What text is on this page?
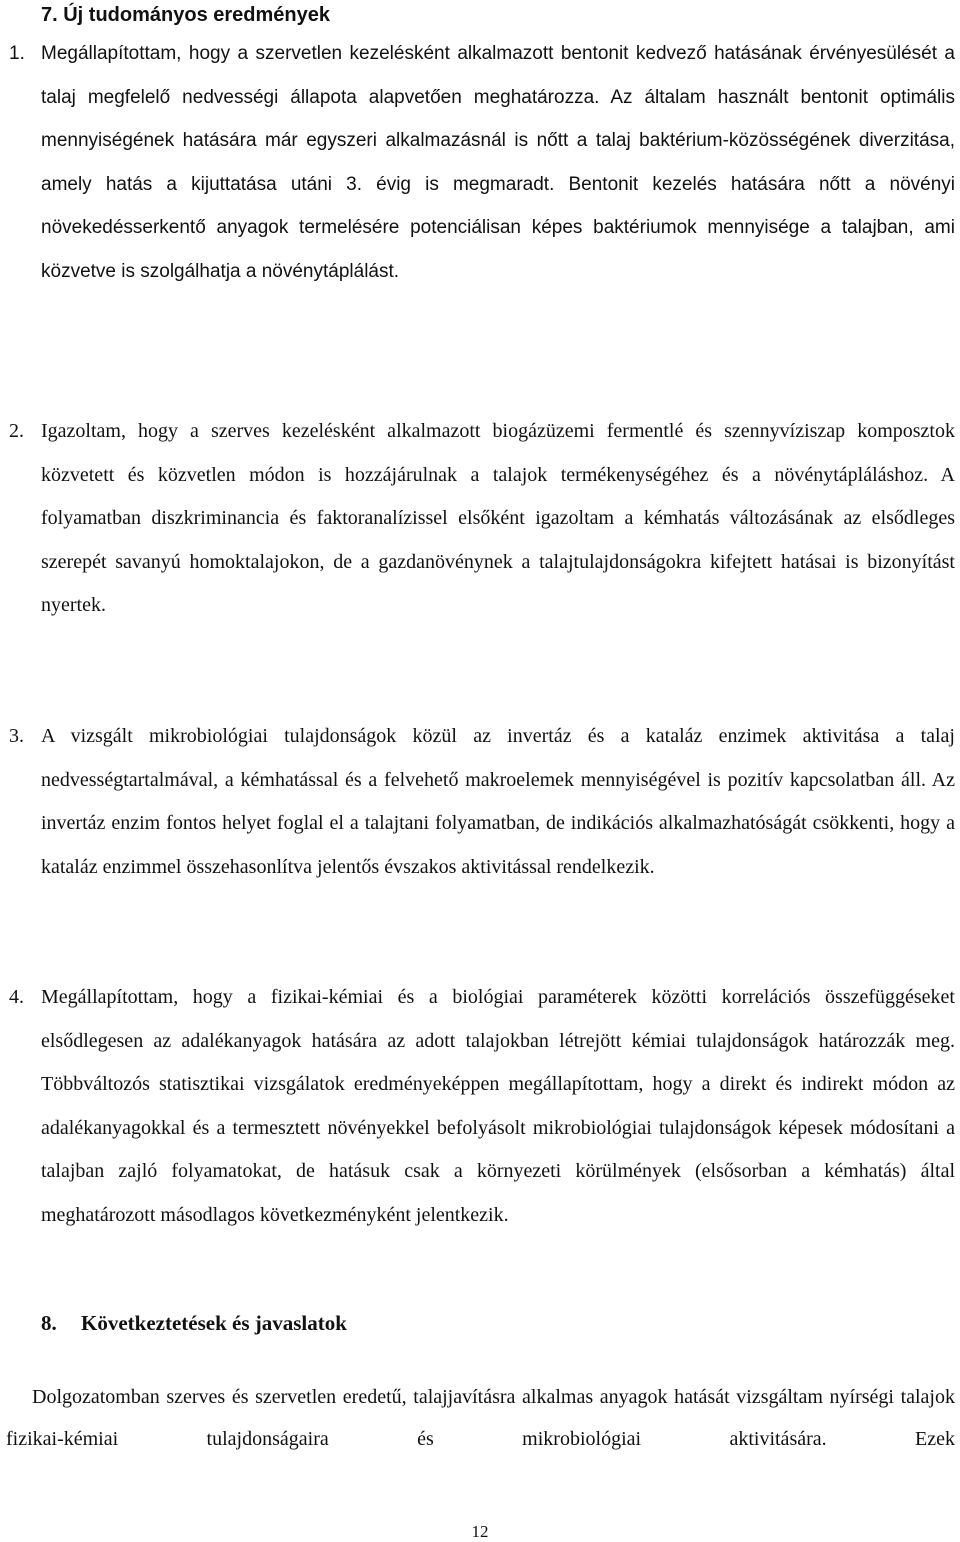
7. Új tudományos eredmények
1. Megállapítottam, hogy a szervetlen kezelésként alkalmazott bentonit kedvező hatásának érvényesülését a talaj megfelelő nedvességi állapota alapvetően meghatározza. Az általam használt bentonit optimális mennyiségének hatására már egyszeri alkalmazásnál is nőtt a talaj baktérium-közösségének diverzitása, amely hatás a kijuttatása utáni 3. évig is megmaradt. Bentonit kezelés hatására nőtt a növényi növekedésserkentő anyagok termelésére potenciálisan képes baktériumok mennyisége a talajban, ami közvetve is szolgálhatja a növénytáplálást.
2. Igazoltam, hogy a szerves kezelésként alkalmazott biogázüzemi fermentlé és szennyvíziszap komposztok közvetett és közvetlen módon is hozzájárulnak a talajok termékenységéhez és a növénytápláláshoz. A folyamatban diszkriminancia és faktoranalízissel elsőként igazoltam a kémhatás változásának az elsődleges szerepét savanyú homoktalajokon, de a gazdanövénynek a talajtulajdonságokra kifejtett hatásai is bizonyítást nyertek.
3. A vizsgált mikrobiológiai tulajdonságok közül az invertáz és a kataláz enzimek aktivitása a talaj nedvességtartalmával, a kémhatással és a felvehető makroelemek mennyiségével is pozitív kapcsolatban áll. Az invertáz enzim fontos helyet foglal el a talajtani folyamatban, de indikációs alkalmazhatóságát csökkenti, hogy a kataláz enzimmel összehasonlítva jelentős évszakos aktivitással rendelkezik.
4. Megállapítottam, hogy a fizikai-kémiai és a biológiai paraméterek közötti korrelációs összefüggéseket elsődlegesen az adalékanyagok hatására az adott talajokban létrejött kémiai tulajdonságok határozzák meg. Többváltozós statisztikai vizsgálatok eredményeképpen megállapítottam, hogy a direkt és indirekt módon az adalékanyagokkal és a termesztett növényekkel befolyásolt mikrobiológiai tulajdonságok képesek módosítani a talajban zajló folyamatokat, de hatásuk csak a környezeti körülmények (elsősorban a kémhatás) által meghatározott másodlagos következményként jelentkezik.
8. Következtetések és javaslatok

Dolgozatomban szerves és szervetlen eredetű, talajjavításra alkalmas anyagok hatását vizsgáltam nyírségi talajok fizikai-kémiai tulajdonságaira és mikrobiológiai aktivitására. Ezek

12
